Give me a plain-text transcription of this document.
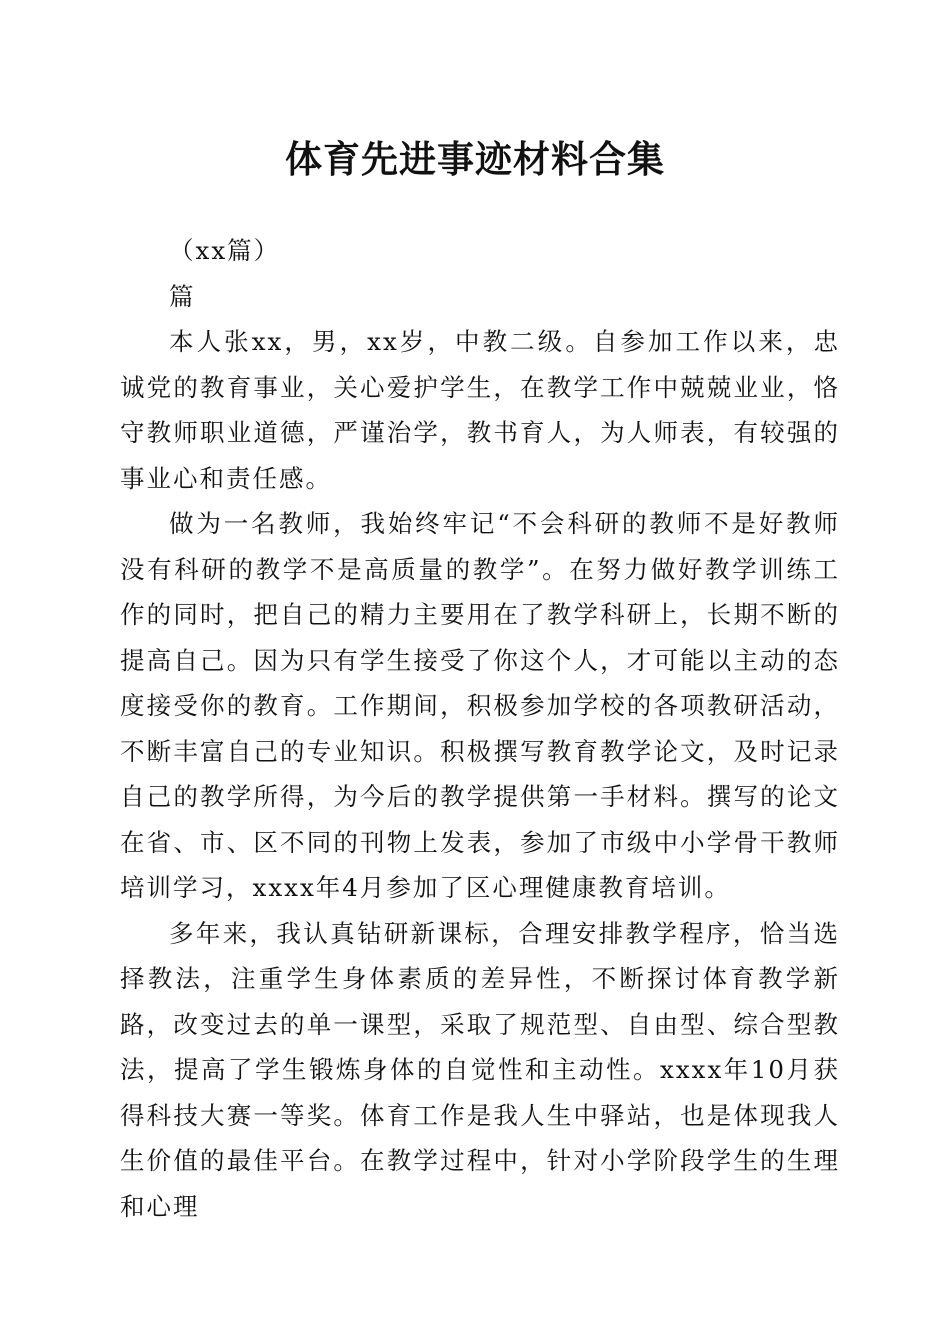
体育先进事迹材料合集

（xx篇）

篇

本人张xx，男，xx岁，中教二级。自参加工作以来，忠诚党的教育事业，关心爱护学生，在教学工作中兢兢业业，恪守教师职业道德，严谨治学，教书育人，为人师表，有较强的事业心和责任感。

做为一名教师，我始终牢记“不会科研的教师不是好教师没有科研的教学不是高质量的教学”。在努力做好教学训练工作的同时，把自己的精力主要用在了教学科研上，长期不断的提高自己。因为只有学生接受了你这个人，才可能以主动的态度接受你的教育。工作期间，积极参加学校的各项教研活动，不断丰富自己的专业知识。积极撰写教育教学论文，及时记录自己的教学所得，为今后的教学提供第一手材料。撰写的论文在省、市、区不同的刊物上发表，参加了市级中小学骨干教师培训学习，xxxx年4月参加了区心理健康教育培训。

多年来，我认真钻研新课标，合理安排教学程序，恰当选择教法，注重学生身体素质的差异性，不断探讨体育教学新路，改变过去的单一课型，采取了规范型、自由型、综合型教法，提高了学生锻炼身体的自觉性和主动性。xxxx年10月获得科技大赛一等奖。体育工作是我人生中驿站，也是体现我人生价值的最佳平台。在教学过程中，针对小学阶段学生的生理和心理
